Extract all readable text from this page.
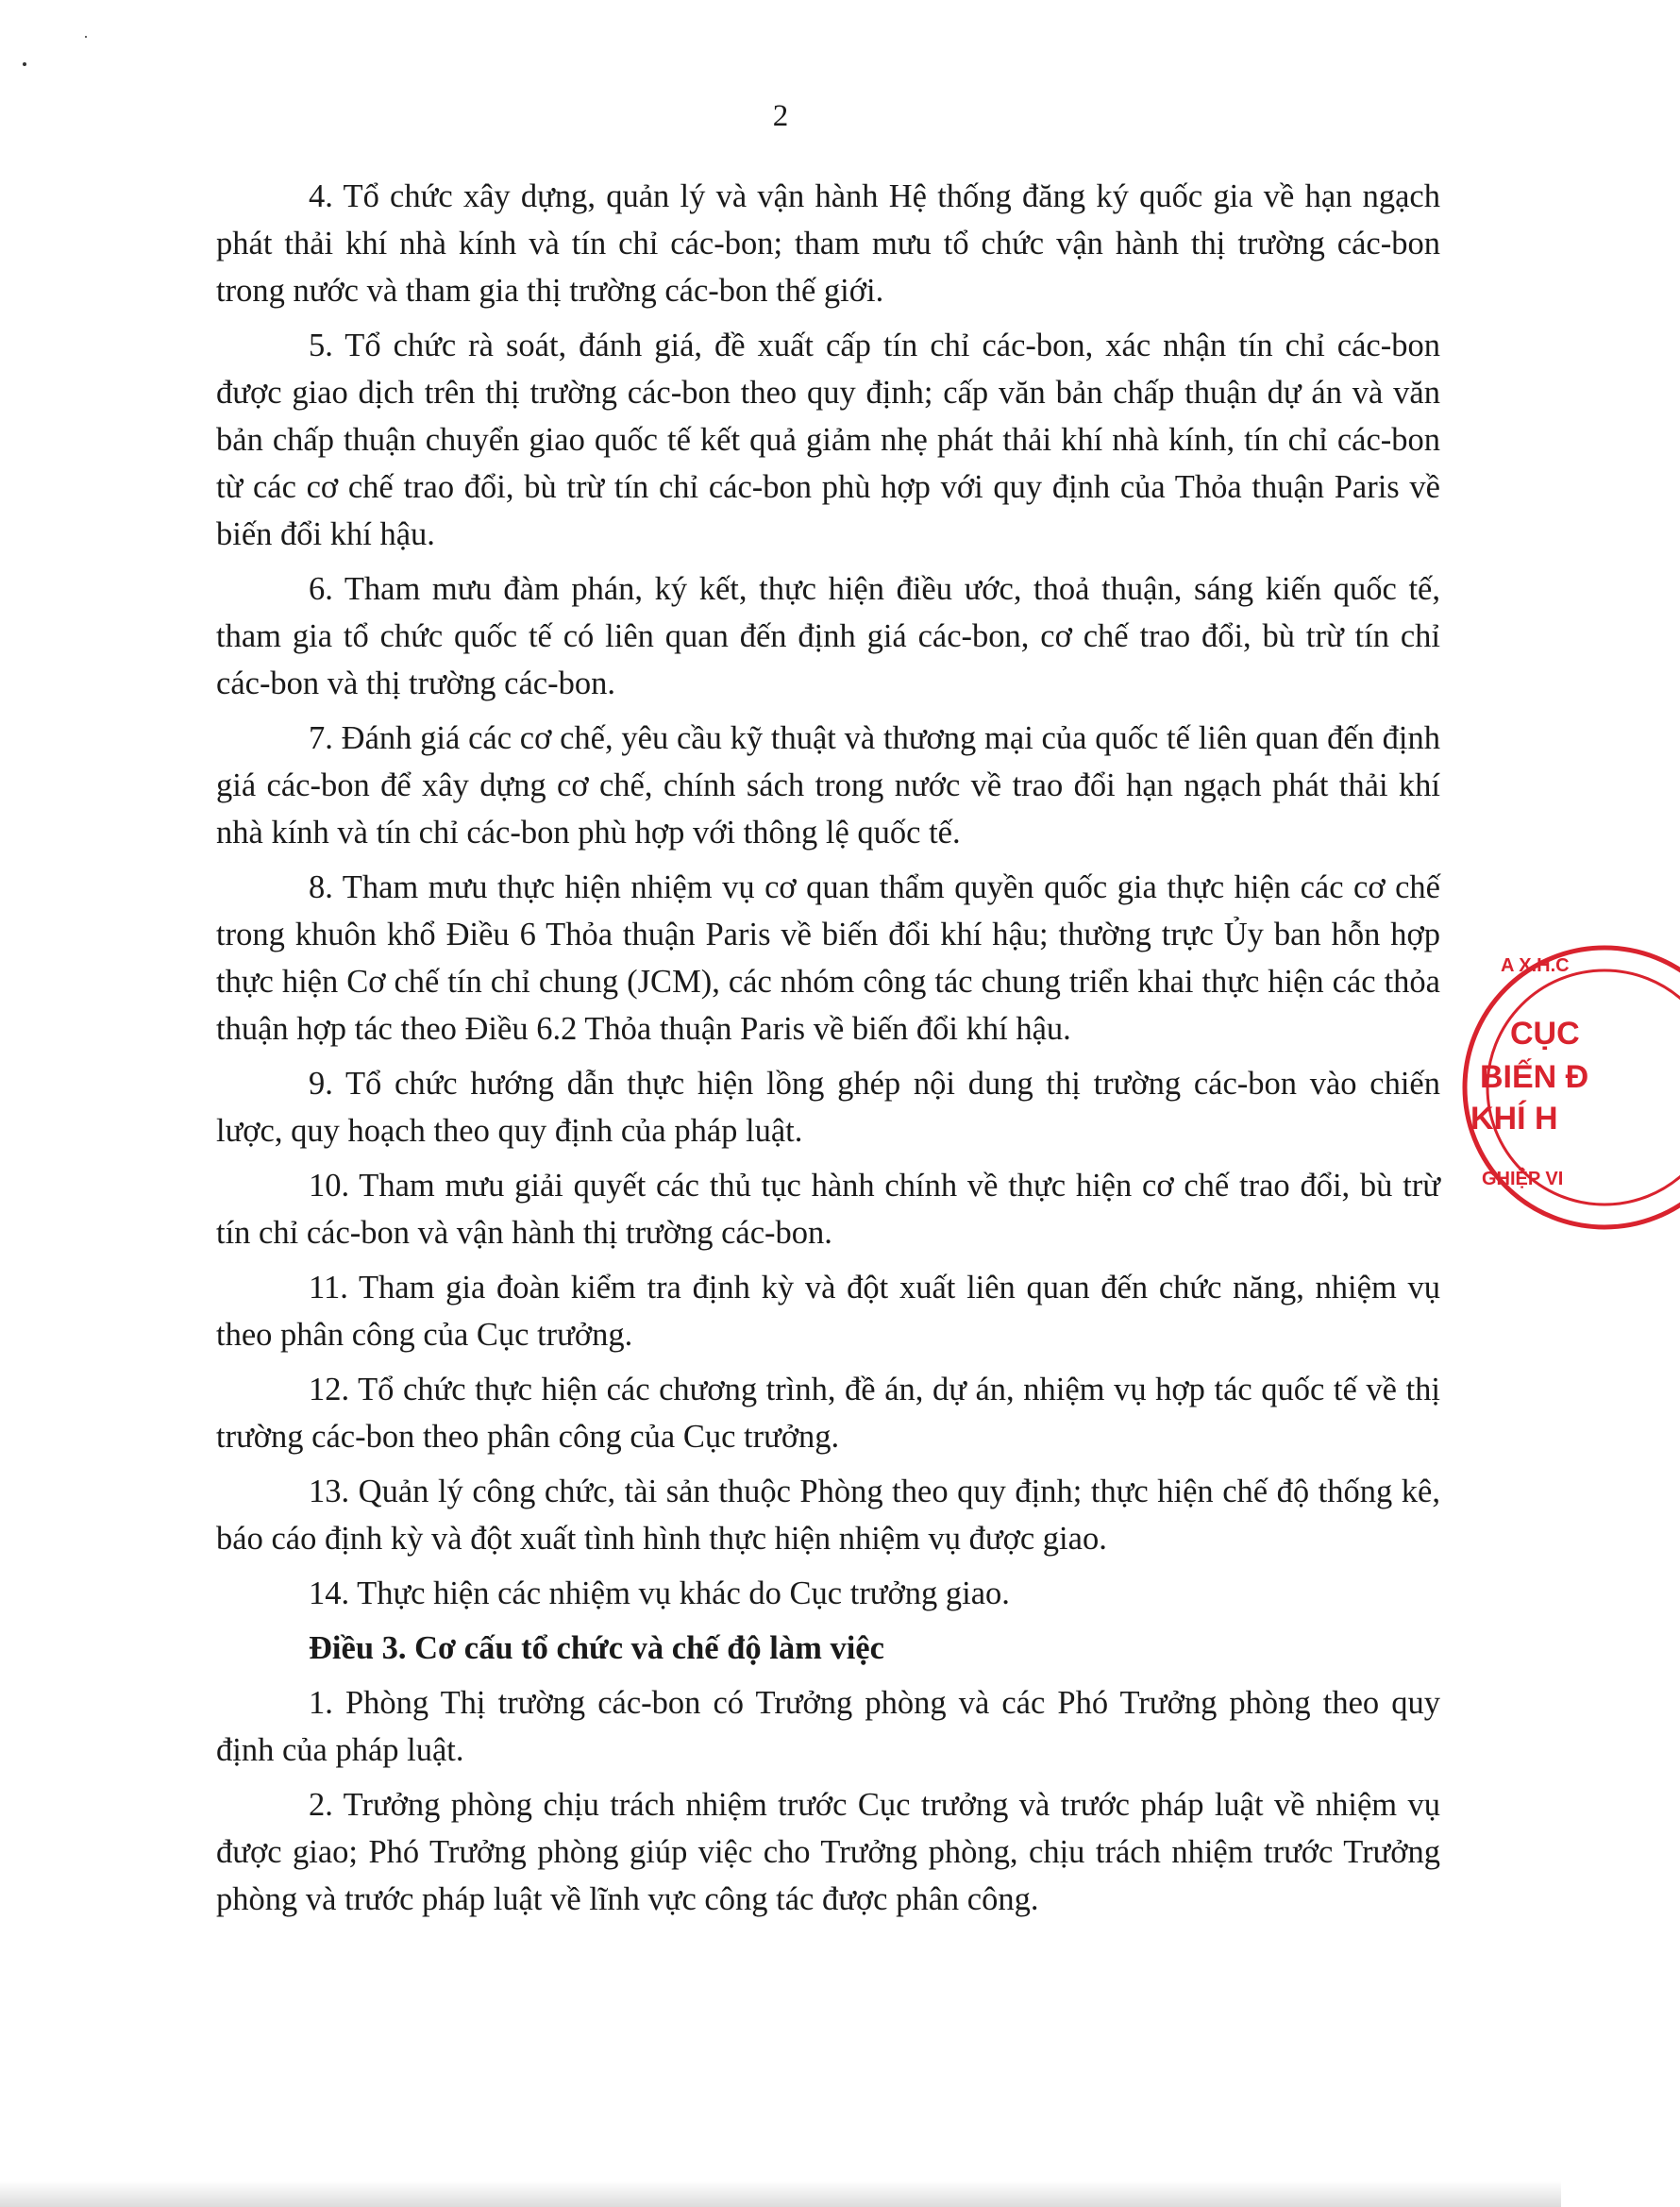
2

4. Tổ chức xây dựng, quản lý và vận hành Hệ thống đăng ký quốc gia về hạn ngạch phát thải khí nhà kính và tín chỉ các-bon; tham mưu tổ chức vận hành thị trường các-bon trong nước và tham gia thị trường các-bon thế giới.

5. Tổ chức rà soát, đánh giá, đề xuất cấp tín chỉ các-bon, xác nhận tín chỉ các-bon được giao dịch trên thị trường các-bon theo quy định; cấp văn bản chấp thuận dự án và văn bản chấp thuận chuyển giao quốc tế kết quả giảm nhẹ phát thải khí nhà kính, tín chỉ các-bon từ các cơ chế trao đổi, bù trừ tín chỉ các-bon phù hợp với quy định của Thỏa thuận Paris về biến đổi khí hậu.

6. Tham mưu đàm phán, ký kết, thực hiện điều ước, thoả thuận, sáng kiến quốc tế, tham gia tổ chức quốc tế có liên quan đến định giá các-bon, cơ chế trao đổi, bù trừ tín chỉ các-bon và thị trường các-bon.

7. Đánh giá các cơ chế, yêu cầu kỹ thuật và thương mại của quốc tế liên quan đến định giá các-bon để xây dựng cơ chế, chính sách trong nước về trao đổi hạn ngạch phát thải khí nhà kính và tín chỉ các-bon phù hợp với thông lệ quốc tế.

8. Tham mưu thực hiện nhiệm vụ cơ quan thẩm quyền quốc gia thực hiện các cơ chế trong khuôn khổ Điều 6 Thỏa thuận Paris về biến đổi khí hậu; thường trực Ủy ban hỗn hợp thực hiện Cơ chế tín chỉ chung (JCM), các nhóm công tác chung triển khai thực hiện các thỏa thuận hợp tác theo Điều 6.2 Thỏa thuận Paris về biến đổi khí hậu.

9. Tổ chức hướng dẫn thực hiện lồng ghép nội dung thị trường các-bon vào chiến lược, quy hoạch theo quy định của pháp luật.

10. Tham mưu giải quyết các thủ tục hành chính về thực hiện cơ chế trao đổi, bù trừ tín chỉ các-bon và vận hành thị trường các-bon.

11. Tham gia đoàn kiểm tra định kỳ và đột xuất liên quan đến chức năng, nhiệm vụ theo phân công của Cục trưởng.

12. Tổ chức thực hiện các chương trình, đề án, dự án, nhiệm vụ hợp tác quốc tế về thị trường các-bon theo phân công của Cục trưởng.

13. Quản lý công chức, tài sản thuộc Phòng theo quy định; thực hiện chế độ thống kê, báo cáo định kỳ và đột xuất tình hình thực hiện nhiệm vụ được giao.

14. Thực hiện các nhiệm vụ khác do Cục trưởng giao.

Điều 3. Cơ cấu tổ chức và chế độ làm việc

1. Phòng Thị trường các-bon có Trưởng phòng và các Phó Trưởng phòng theo quy định của pháp luật.

2. Trưởng phòng chịu trách nhiệm trước Cục trưởng và trước pháp luật về nhiệm vụ được giao; Phó Trưởng phòng giúp việc cho Trưởng phòng, chịu trách nhiệm trước Trưởng phòng và trước pháp luật về lĩnh vực công tác được phân công.

A X.H.C
CỤC
BIẾN Đ
KHÍ H
GHIỆP VI
